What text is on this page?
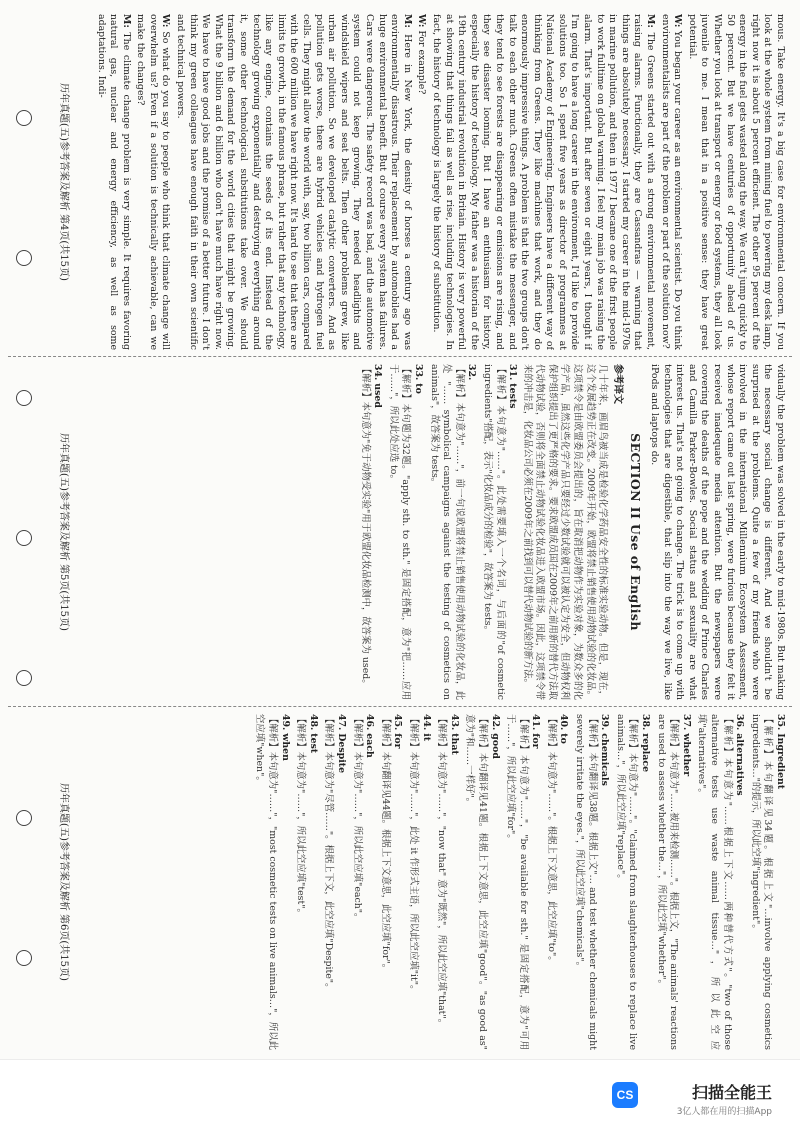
mous. Take energy. It's a big case for environmental concern. If you look at the whole system from mining fuel to powering my desk lamp, right now it is about 5 percent efficient. The other 95 percent of the energy in the fuel gets wasted along the way. We can't jump quickly to 50 percent. But we have centuries of opportunity ahead of us. Whether you look at transport or energy or food systems, they all look juvenile to me. I mean that in a positive sense: they have great potential.

W: You began your career as an environmental scientist. Do you think environmentalists are part of the problem or part of the solution now?

M: The Greens started out with a strong environmental movement, raising alarms. Functionally, they are Cassandras — warning that things are absolutely necessary. I started my career in the mid-1970s in marine pollution, and then in 1977 I became one of the first people to work fulltime on global warming. I feel my main job was raising the alarm. That's important. But after seven or eight years, I thought if I'm going to have a long career in the environment, I'd like to provide solutions too. So I spent five years as director of programmes at National Academy of Engineering. Engineers have a different way of thinking from Greens. They like machines that work, and they do enormously impressive things. A problem is that the two groups don't talk to each other much. Greens often mistake the messenger, and they tend to see forests are disappearing or emissions are rising, and they see disaster looming. But I have an enthusiasm for history, especially the history of technology. My father was a historian of the 19th century industrial revolution in Britain. History is very powerful at showing that things fail as well as rise, including technologies. In fact, the history of technology is largely the history of substitution.

W: For example?

M: Here in New York, the density of horses a century ago was environmentally disastrous. Their replacement by automobiles had a huge environmental benefit. But of course every system has failures. Cars were dangerous. The safety record was bad, and the automotive system could not keep growing. They needed headlights and windshield wipers and seat belts. Then other problems grew, like urban air pollution. So we developed catalytic converters. And as pollution gets worse, there are hybrid vehicles and hydrogen fuel cells. They might allow the world with, say, two billion cars, compared with the 600 million we have right now. It's hard to see that there are limits to growth, in the famous phrase, but rather that any technology, like any engine, contains the seeds of its end. Instead of the technology growing exponentially and destroying everything around it, some other technological substitutions take over. We should transform the demand for the world cities that might be growing. What the 9 billion and 6 billion who don't have much have right now. We have to have good jobs and the promise of a better future. I don't think my green colleagues have enough faith in their own scientific and technical powers.

W: So what do you say to people who think that climate change will overwhelm us? Even if a solution is technically achievable, can we make the changes?

M: The climate change problem is very simple. It requires favoring natural gas, nuclear and energy efficiency, as well as some adaptations. Indi-

历年真题(五)参考答案及解析 第4页(共15页)

vidually the problem was solved in the early to mid-1980s. But making the necessary social change is different. And we shouldn't be surprised at the problems. Quite a few of my friends who were involved in the international Millennium Ecosystem Assessment, whose report came out last spring, were furious because they felt it received inadequate media attention. But the newspapers were covering the deaths of the pope and the wedding of Prince Charles and Camilla Parker-Bowles. Social status and sexuality are what interest us. That's not going to change. The trick is to come up with technologies that are digestible, that slip into the way we live, like iPods and laptops do.

SECTION II Use of English
参考译文

几十年来，画眉鸟被当成是检验化学药品安全性的标准实验动物。但是，现在，这个发展趋势正在改变。2009年开始，欧盟将禁止销售使用动物试验的化妆品。这项禁令是由欧盟委员会提出的，旨在取消把动物作为实验对象，为数众多的化学产品，虽然这些化学产品只要经过少数试验就可以被认定为安全，但动物权利保护组织提出了更严格的要求。要求欧盟成员国在2009年之前用新的替代方法取代动物试验，否则将全面禁止动物试验化妆品进入欧盟市场。因此，这项禁令带来的冲击是，化妆品公司必须在2009年之前找到可以替代动物试验的新方法。

31. tests
【解析】本句意为"……"。此处需要填入一个名词，与后面的"of cosmetic ingredients"搭配，表示"化妆品成分的检验"，故答案为 tests。
32.
【解析】本句意为"……"，前一句说欧盟将禁止销售使用动物试验的化妆品，此处 "…… symbolical campaigns against the testing of cosmetics on animals"，故答案为 tests。
33. to
【解析】本句题为32题。"apply sth. to sth." 是固定搭配，意为"把……应用于……"，所以此处应选 to。
34. used
【解析】本句意为"免于动物受实验"用于欧盟化妆品检测中，故答案为 used。
历年真题(五)参考答案及解析 第5页(共15页)
35. Ingredient
【解析】本句翻译见34题。根据上文"…involve applying cosmetics ingredients…"的提示，所以此空填"ingredient"。
36. alternatives
【解析】本句意为"……根据上下文……两种替代方式"。"two of those alternative tests use waste animal tissue…"，所以此空应填"alternatives"。
37. whether
【解析】本句意为"……被用来检测……"。根据上文，"The animals' reactions are used to assess whether the…"，所以此空填"whether"。
38. replace
【解析】本句意为"……"。"claimed from slaughterhouses to replace live animals…"，所以此空应填"replace"。
39. chemicals
【解析】本句翻译见38题。根据上文"… and test whether chemicals might severely irritate the eyes."，所以此空应填"chemicals"。
40. to
【解析】本句意为"……"。根据上下文意思，此空应填"to"。
41. for
【解析】本句意为"……"，"be available for sth." 是固定搭配，意为"可用于……"，所以此空应填"for"。
42. good
【解析】本句翻译见41题。根据上下文意思，此空应填"good"。"as good as" 意为"和……一样好"。
43. that
【解析】本句意为"……"，"now that" 意为"既然"，所以此空应填"that"。
44. it
【解析】本句意为"……"，此处 it 作形式主语，所以此空应填"it"。
45. for
【解析】本句翻译见44题。根据上下文意思，此空应填"for"。
46. each
【解析】本句意为"……"，所以此空应填"each"。
47. Despite
【解析】本句意为"尽管……"。根据上下文，此空应填"Despite"。
48. test
【解析】本句意为"……"，所以此空应填"test"。
49. when
【解析】本句意为"……"，"most cosmetic tests on live animals…"，所以此空应填"when"。
历年真题(五)参考答案及解析 第6页(共15页)
CS	扫描全能王
3亿人都在用的扫描App
